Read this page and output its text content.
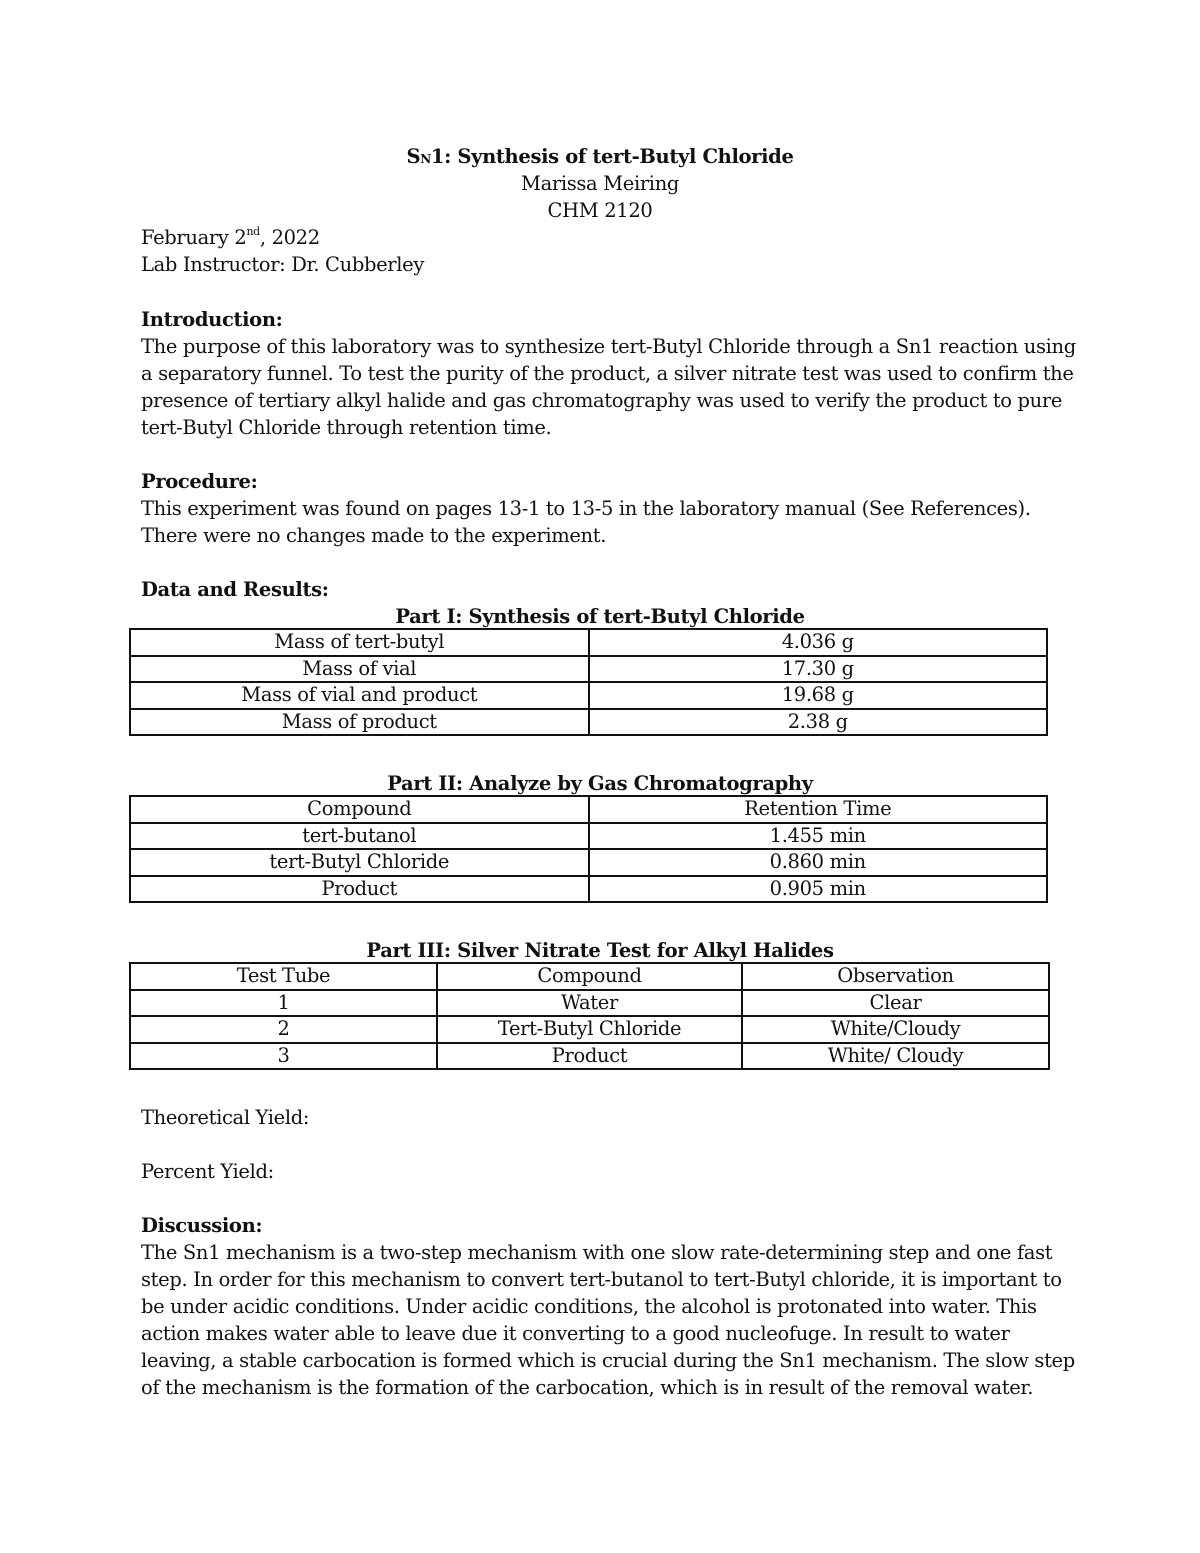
SN1: Synthesis of tert-Butyl Chloride
Marissa Meiring
CHM 2120
February 2nd, 2022
Lab Instructor: Dr. Cubberley
Introduction:
The purpose of this laboratory was to synthesize tert-Butyl Chloride through a Sn1 reaction using
a separatory funnel. To test the purity of the product, a silver nitrate test was used to confirm the
presence of tertiary alkyl halide and gas chromatography was used to verify the product to pure
tert-Butyl Chloride through retention time.
Procedure:
This experiment was found on pages 13-1 to 13-5 in the laboratory manual (See References).
There were no changes made to the experiment.
Data and Results:
Part I: Synthesis of tert-Butyl Chloride
Mass of tert-butyl	4.036 g
Mass of vial	17.30 g
Mass of vial and product	19.68 g
Mass of product	2.38 g
Part II: Analyze by Gas Chromatography
Compound	Retention Time
tert-butanol	1.455 min
tert-Butyl Chloride	0.860 min
Product	0.905 min
Part III: Silver Nitrate Test for Alkyl Halides
Test Tube	Compound	Observation
1	Water	Clear
2	Tert-Butyl Chloride	White/Cloudy
3	Product	White/ Cloudy
Theoretical Yield:
Percent Yield:
Discussion:
The Sn1 mechanism is a two-step mechanism with one slow rate-determining step and one fast
step. In order for this mechanism to convert tert-butanol to tert-Butyl chloride, it is important to
be under acidic conditions. Under acidic conditions, the alcohol is protonated into water. This
action makes water able to leave due it converting to a good nucleofuge. In result to water
leaving, a stable carbocation is formed which is crucial during the Sn1 mechanism. The slow step
of the mechanism is the formation of the carbocation, which is in result of the removal water.
